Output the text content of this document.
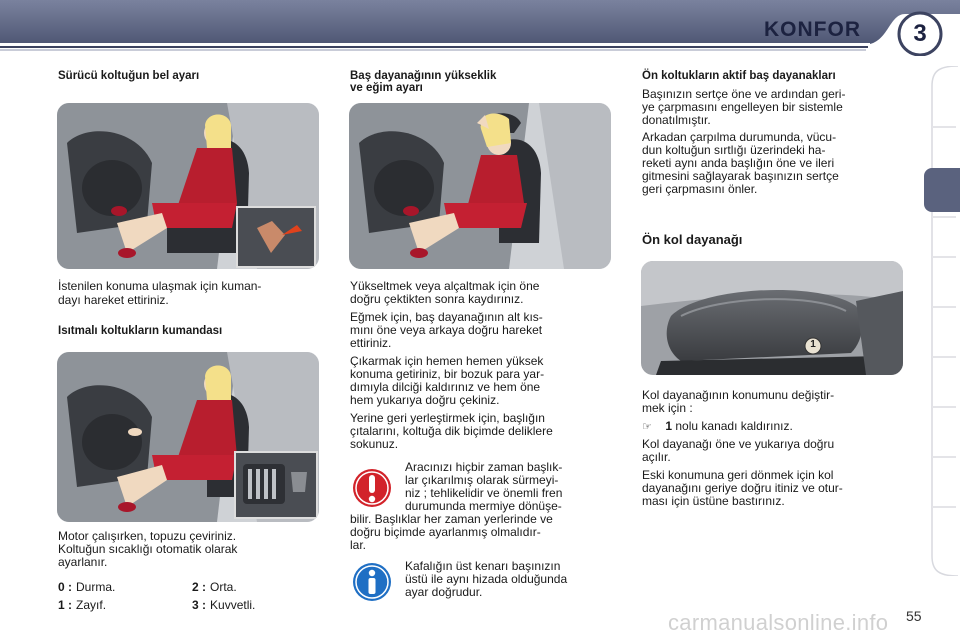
KONFOR	3
Sürücü koltuğun bel ayarı
İstenilen konuma ulaşmak için kuman-
dayı hareket ettiriniz.
Isıtmalı koltukların kumandası
Motor çalışırken, topuzu çeviriniz.
Koltuğun sıcaklığı otomatik olarak
ayarlanır.
0 : Durma.	2 : Orta.
1 : Zayıf.	3 : Kuvvetli.
Baş dayanağının yükseklik
ve eğim ayarı
Yükseltmek veya alçaltmak için öne
doğru çektikten sonra kaydırınız.
Eğmek için, baş dayanağının alt kıs-
mını öne veya arkaya doğru hareket
ettiriniz.
Çıkarmak için hemen hemen yüksek
konuma getiriniz, bir bozuk para yar-
dımıyla dilciği kaldırınız ve hem öne
hem yukarıya doğru çekiniz.
Yerine geri yerleştirmek için, başlığın
çıtalarını, koltuğa dik biçimde deliklere
sokunuz.
Aracınızı hiçbir zaman başlık-
lar çıkarılmış olarak sürmeyi-
niz ; tehlikelidir ve önemli fren
durumunda mermiye dönüşe-
bilir. Başlıklar her zaman yerlerinde ve
doğru biçimde ayarlanmış olmalıdır-
lar.
Kafalığın üst kenarı başınızın
üstü ile aynı hizada olduğunda
ayar doğrudur.
Ön koltukların aktif baş dayanakları
Başınızın sertçe öne ve ardından geri-
ye çarpmasını engelleyen bir sistemle
donatılmıştır.
Arkadan çarpılma durumunda, vücu-
dun koltuğun sırtlığı üzerindeki ha-
reketi aynı anda başlığın öne ve ileri
gitmesini sağlayarak başınızın sertçe
geri çarpmasını önler.
Ön kol dayanağı
1
Kol dayanağının konumunu değiştir-
mek için :
☞ 1 nolu kanadı kaldırınız.
Kol dayanağı öne ve yukarıya doğru
açılır.
Eski konumuna geri dönmek için kol
dayanağını geriye doğru itiniz ve otur-
ması için üstüne bastırınız.
carmanualsonline.info 55
